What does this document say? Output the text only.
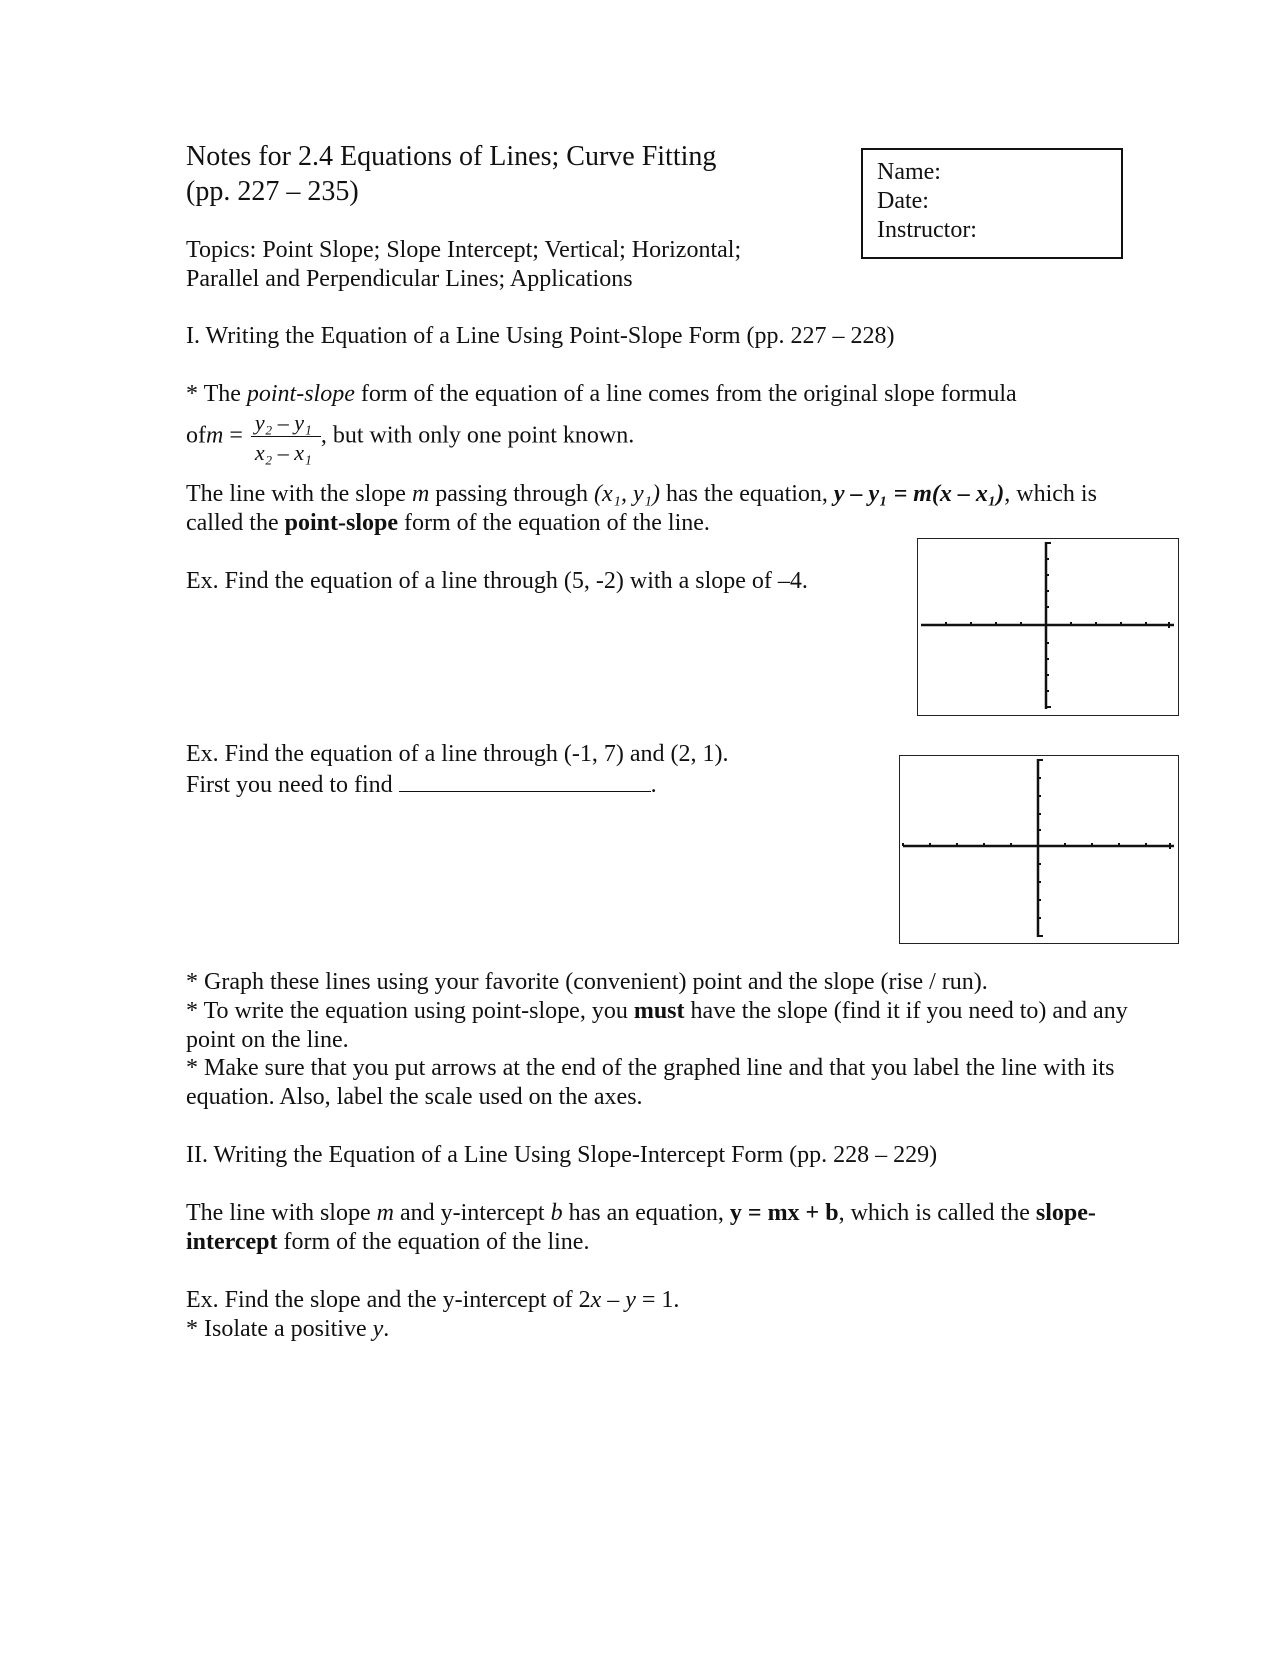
Notes for 2.4 Equations of Lines; Curve Fitting
(pp. 227 – 235)
Name:
Date:
Instructor:
Topics: Point Slope; Slope Intercept; Vertical; Horizontal;
Parallel and Perpendicular Lines; Applications
I. Writing the Equation of a Line Using Point-Slope Form (pp. 227 – 228)
* The point-slope form of the equation of a line comes from the original slope formula
ofm = $\frac{\text{y₂ – y₁}}{\text{x₂ – x₁}}$ , but with only one point known.
The line with the slope m passing through (x₁, y₁) has the equation, y – y₁ = m(x – x₁), which is
called the point-slope form of the equation of the line.
Ex. Find the equation of a line through (5, -2) with a slope of –4.
Ex. Find the equation of a line through (-1, 7) and (2, 1).
First you need to find	.
* Graph these lines using your favorite (convenient) point and the slope (rise / run).
* To write the equation using point-slope, you must have the slope (find it if you need to) and any
point on the line.
* Make sure that you put arrows at the end of the graphed line and that you label the line with its
equation. Also, label the scale used on the axes.
II. Writing the Equation of a Line Using Slope-Intercept Form (pp. 228 – 229)
The line with slope m and y-intercept b has an equation, y = mx + b, which is called the slope-
intercept form of the equation of the line.
Ex. Find the slope and the y-intercept of 2x – y = 1.
* Isolate a positive y.
